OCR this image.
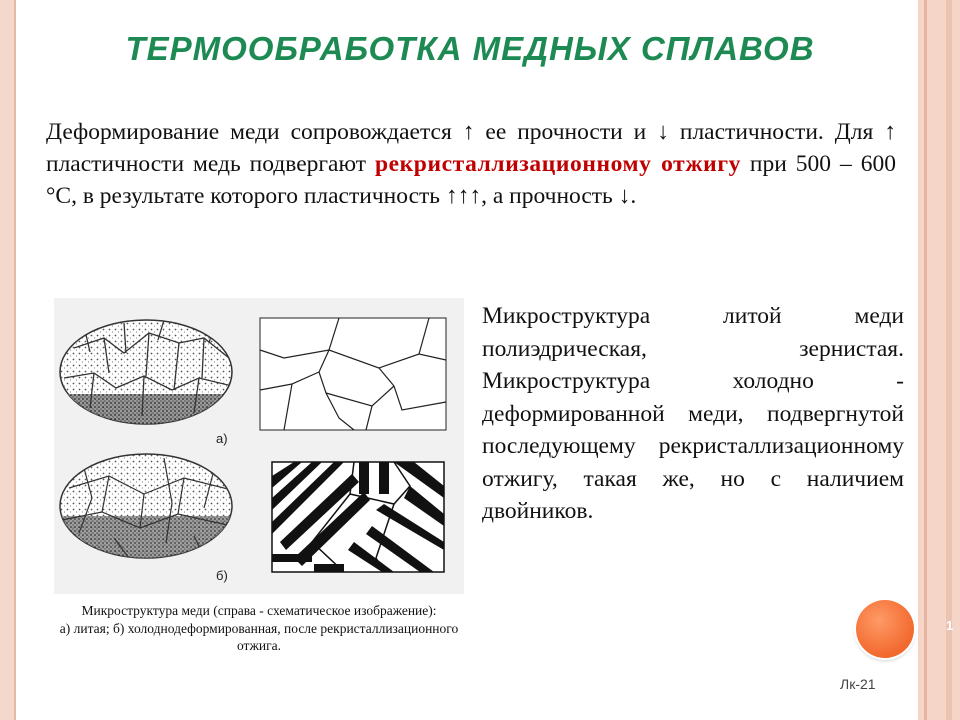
ТЕРМООБРАБОТКА МЕДНЫХ СПЛАВОВ
Деформирование меди сопровождается ↑ ее прочности и ↓ пластичности. Для ↑ пластичности медь подвергают рекристаллизационному отжигу при 500 – 600 °С, в результате которого пластичность ↑↑↑, а прочность ↓.
а)
б)
Микроструктура меди (справа - схематическое изображение):
а) литая; б) холоднодеформированная, после рекристаллизационного отжига.

Микроструктура литой меди полиэдрическая, зернистая. Микроструктура холодно - деформированной меди, подвергнутой последующему рекристаллизационному отжигу, такая же, но с наличием двойников.

1
Лк-21
